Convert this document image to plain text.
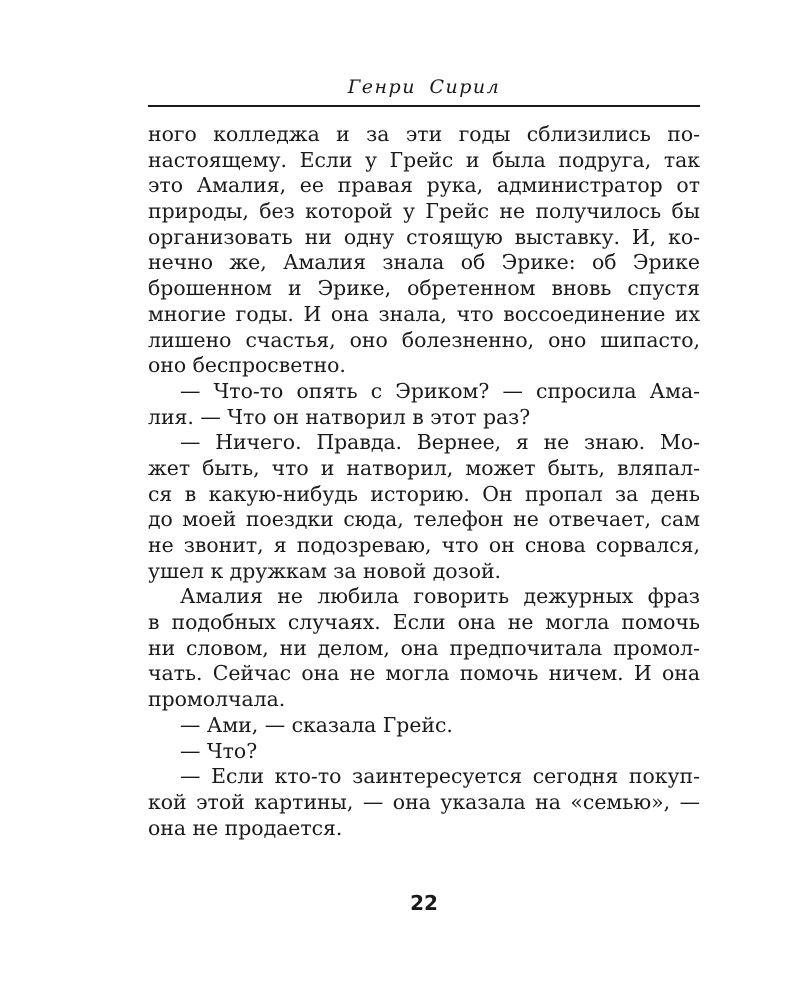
Генри Сирил
ного колледжа и за эти годы сблизились по-
настоящему. Если у Грейс и была подруга, так
это Амалия, ее правая рука, администратор от
природы, без которой у Грейс не получилось бы
организовать ни одну стоящую выставку. И, ко-
нечно же, Амалия знала об Эрике: об Эрике
брошенном и Эрике, обретенном вновь спустя
многие годы. И она знала, что воссоединение их
лишено счастья, оно болезненно, оно шипасто,
оно беспросветно.
— Что-то опять с Эриком? — спросила Ама-
лия. — Что он натворил в этот раз?
— Ничего. Правда. Вернее, я не знаю. Мо-
жет быть, что и натворил, может быть, вляпал-
ся в какую-нибудь историю. Он пропал за день
до моей поездки сюда, телефон не отвечает, сам
не звонит, я подозреваю, что он снова сорвался,
ушел к дружкам за новой дозой.
Амалия не любила говорить дежурных фраз
в подобных случаях. Если она не могла помочь
ни словом, ни делом, она предпочитала промол-
чать. Сейчас она не могла помочь ничем. И она
промолчала.
— Ами, — сказала Грейс.
— Что?
— Если кто-то заинтересуется сегодня покуп-
кой этой картины, — она указала на «семью», —
она не продается.
22
